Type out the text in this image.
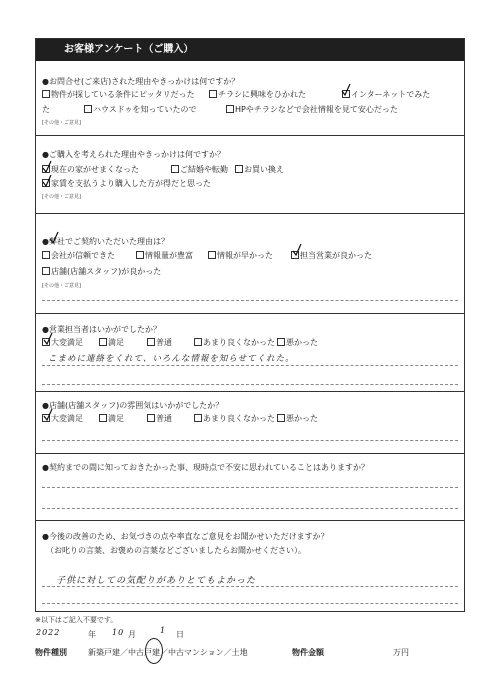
お客様アンケート（ご購入）
●お問合せ(ご来店)された理由やきっかけは何ですか？
物件が探している条件にピッタリだった	チラシに興味をひかれた	インターネットでみた
た	ハウスドゥを知っていたので	HPやチラシなどで会社情報を見て安心だった
[その他・ご意見]
●ご購入を考えられた理由やきっかけは何ですか？
現在の家がせまくなった	ご結婚や転勤	お買い換え
家賃を支払うより購入した方が得だと思った
[その他・ご意見]
●弊社でご契約いただいた理由は？
会社が信頼できた	情報量が豊富	情報が早かった	担当営業が良かった
店舗(店舗スタッフ)が良かった
[その他・ご意見]
●営業担当者はいかがでしたか？
大変満足	満足	普通	あまり良くなかった	悪かった
こまめに連絡をくれて、いろんな情報を知らせてくれた。
●店舗(店舗スタッフ)の雰囲気はいかがでしたか？
大変満足	満足	普通	あまり良くなかった	悪かった
●契約までの間に知っておきたかった事、現時点で不安に思われていることはありますか？
●今後の改善のため、お気づきの点や率直なご意見をお聞かせいただけますか？
（お叱りの言葉、お褒めの言葉などございましたらお聞かせください）。
子供に対しての気配りがありとてもよかった
※以下はご記入不要です。
2022	年 10 月	1 日
物件種別	新築戸建／中古戸建／中古マンション／土地	物件金額	万円
